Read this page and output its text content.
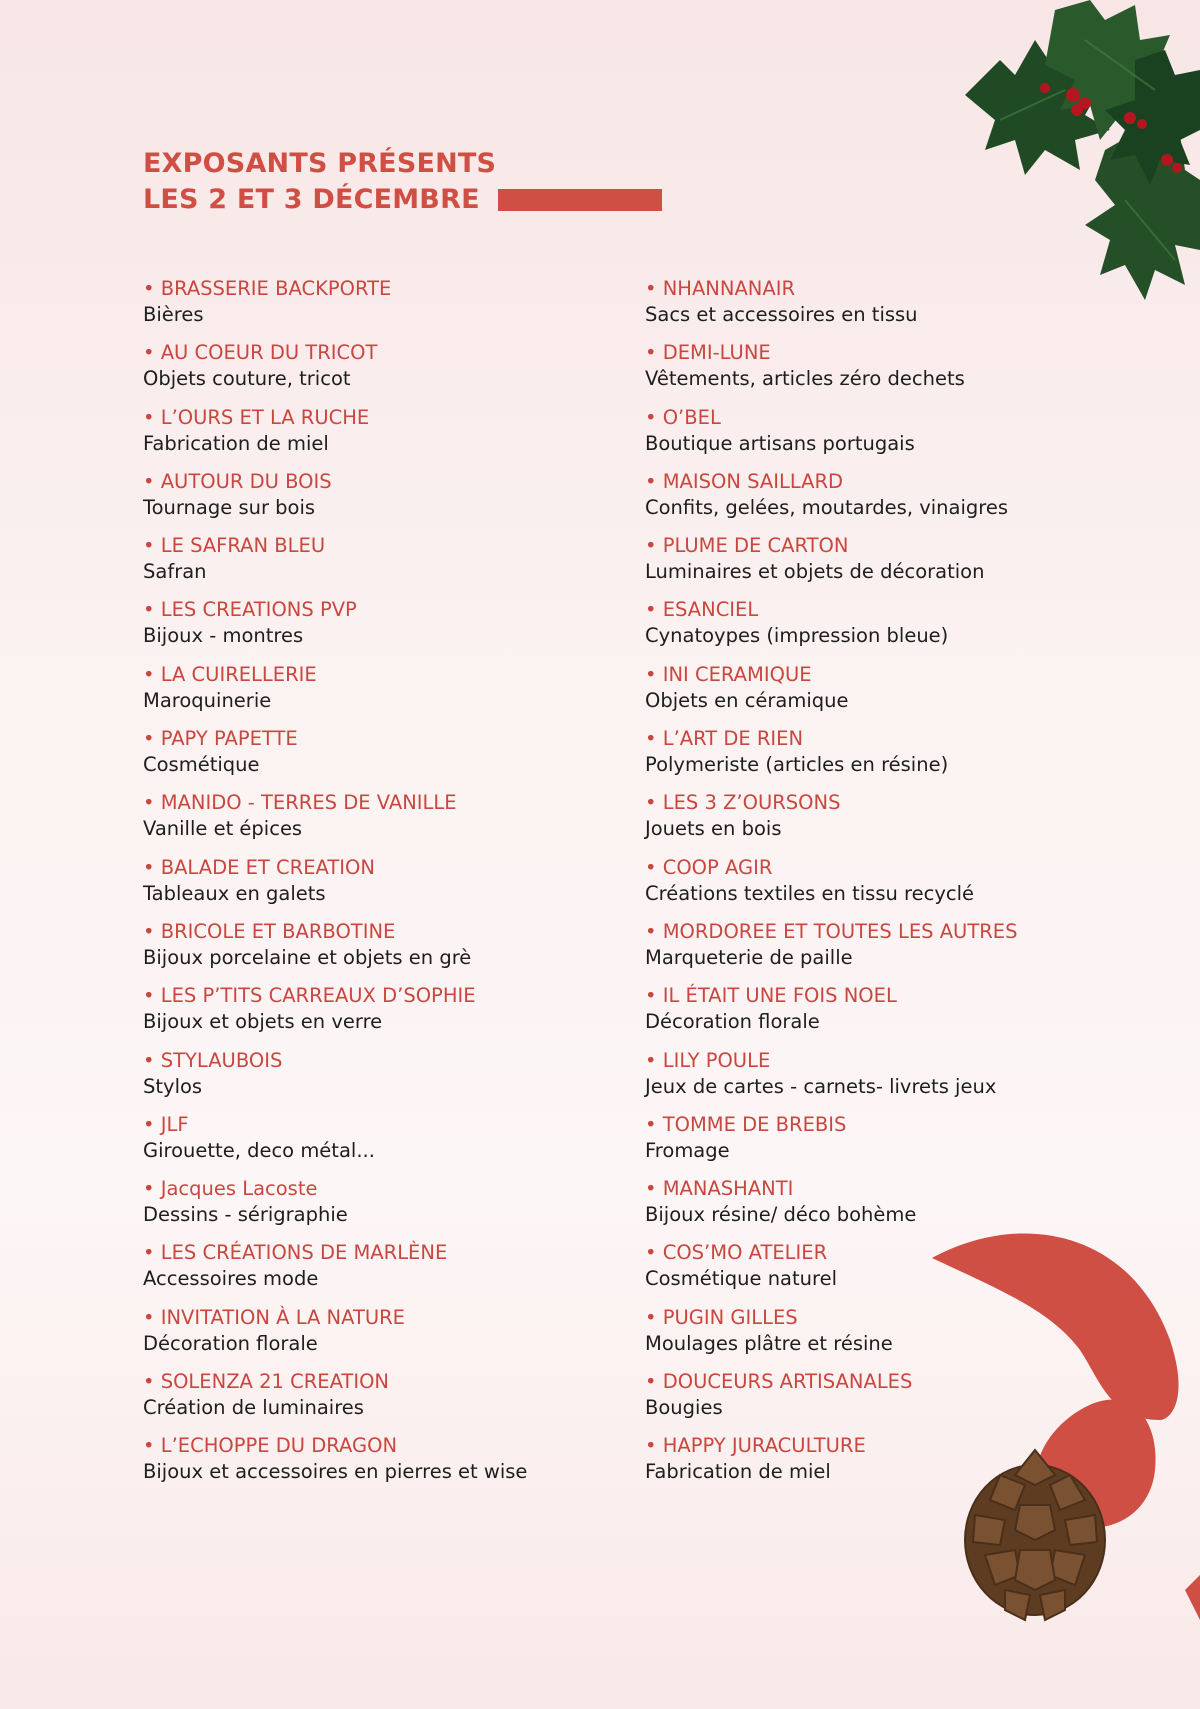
EXPOSANTS PRÉSENTS
LES 2 ET 3 DÉCEMBRE
• BRASSERIE BACKPORTE
Bières
• AU COEUR DU TRICOT
Objets couture, tricot
• L’OURS ET LA RUCHE
Fabrication de miel
• AUTOUR DU BOIS
Tournage sur bois
• LE SAFRAN BLEU
Safran
• LES CREATIONS PVP
Bijoux - montres
• LA CUIRELLERIE
Maroquinerie
• PAPY PAPETTE
Cosmétique
• MANIDO - TERRES DE VANILLE
Vanille et épices
• BALADE ET CREATION
Tableaux en galets
• BRICOLE ET BARBOTINE
Bijoux porcelaine et objets en grè
• LES P’TITS CARREAUX D’SOPHIE
Bijoux et objets en verre
• STYLAUBOIS
Stylos
• JLF
Girouette, deco métal...
• Jacques Lacoste
Dessins - sérigraphie
• LES CRÉATIONS DE MARLÈNE
Accessoires mode
• INVITATION À LA NATURE
Décoration florale
• SOLENZA 21 CREATION
Création de luminaires
• L’ECHOPPE DU DRAGON
Bijoux et accessoires en pierres et wise
• NHANNANAIR
Sacs et accessoires en tissu
• DEMI-LUNE
Vêtements, articles zéro dechets
• O’BEL
Boutique artisans portugais
• MAISON SAILLARD
Confits, gelées, moutardes, vinaigres
• PLUME DE CARTON
Luminaires et objets de décoration
• ESANCIEL
Cynatoypes (impression bleue)
• INI CERAMIQUE
Objets en céramique
• L’ART DE RIEN
Polymeriste (articles en résine)
• LES 3 Z’OURSONS
Jouets en bois
• COOP AGIR
Créations textiles en tissu recyclé
• MORDOREE ET TOUTES LES AUTRES
Marqueterie de paille
• IL ÉTAIT UNE FOIS NOEL
Décoration florale
• LILY POULE
Jeux de cartes - carnets- livrets jeux
• TOMME DE BREBIS
Fromage
• MANASHANTI
Bijoux résine/ déco bohème
• COS’MO ATELIER
Cosmétique naturel
• PUGIN GILLES
Moulages plâtre et résine
• DOUCEURS ARTISANALES
Bougies
• HAPPY JURACULTURE
Fabrication de miel
